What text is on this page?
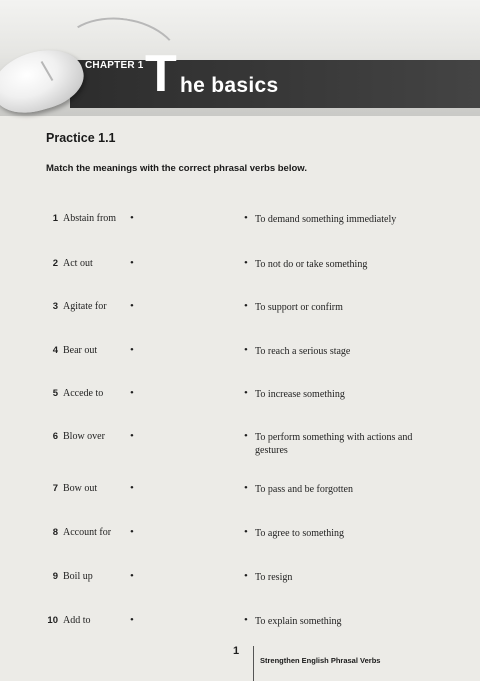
CHAPTER 1 T he basics
Practice 1.1
Match the meanings with the correct phrasal verbs below.
1 Abstain from •	• To demand something immediately
2 Act out	•	• To not do or take something
3 Agitate for •	• To support or confirm
4 Bear out	•	• To reach a serious stage
5 Accede to •	• To increase something
6 Blow over •	• To perform something with actions and gestures
7 Bow out	•	• To pass and be forgotten
8 Account for •	• To agree to something
9 Boil up	•	• To resign
10 Add to	•	• To explain something
1
Strengthen English Phrasal Verbs
